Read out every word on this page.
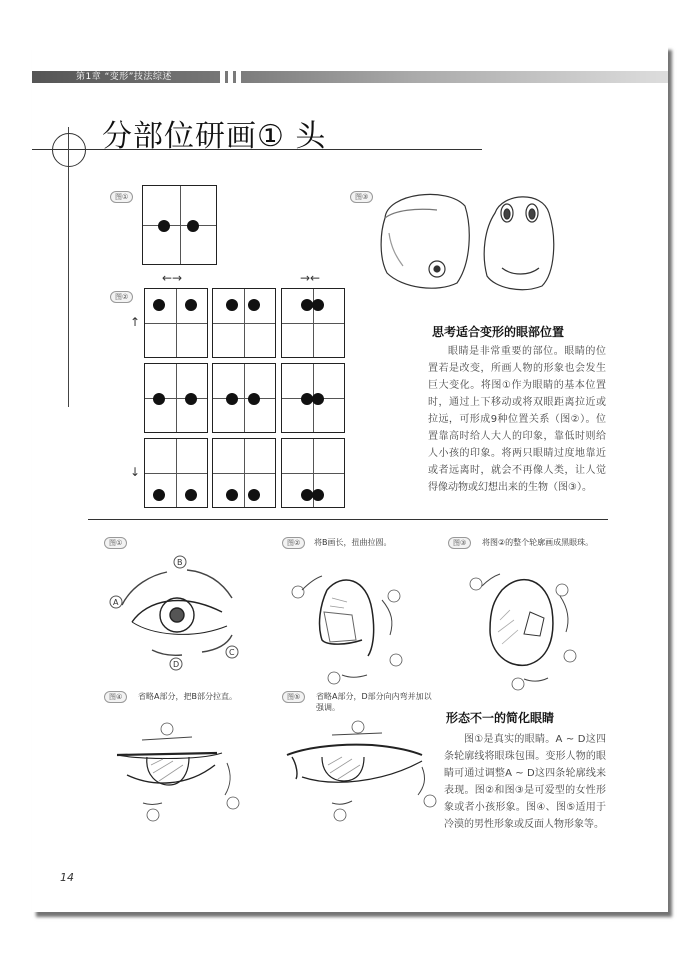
第1章 “变形”技法综述
分部位研画① 头
图①
图②
←→	→←
↑
↓
图③
思考适合变形的眼部位置
眼睛是非常重要的部位。眼睛的位置若是改变，所画人物的形象也会发生巨大变化。将图①作为眼睛的基本位置时，通过上下移动或将双眼距离拉近或拉远，可形成9种位置关系（图②）。位置靠高时给人大人的印象，靠低时则给人小孩的印象。将两只眼睛过度地靠近或者远离时，就会不再像人类，让人觉得像动物或幻想出来的生物（图③）。
图①
A
B
C
D
图②	将B画长，扭曲拉圆。	图③	将图②的整个轮廓画成黑眼珠。
图④	省略A部分，把B部分拉直。	图⑤	省略A部分，D部分向内弯并加以强调。
形态不一的简化眼睛
图①是真实的眼睛。A ~ D这四条轮廓线将眼珠包围。变形人物的眼睛可通过调整A ~ D这四条轮廓线来表现。图②和图③是可爱型的女性形象或者小孩形象。图④、图⑤适用于冷漠的男性形象或反面人物形象等。
14
